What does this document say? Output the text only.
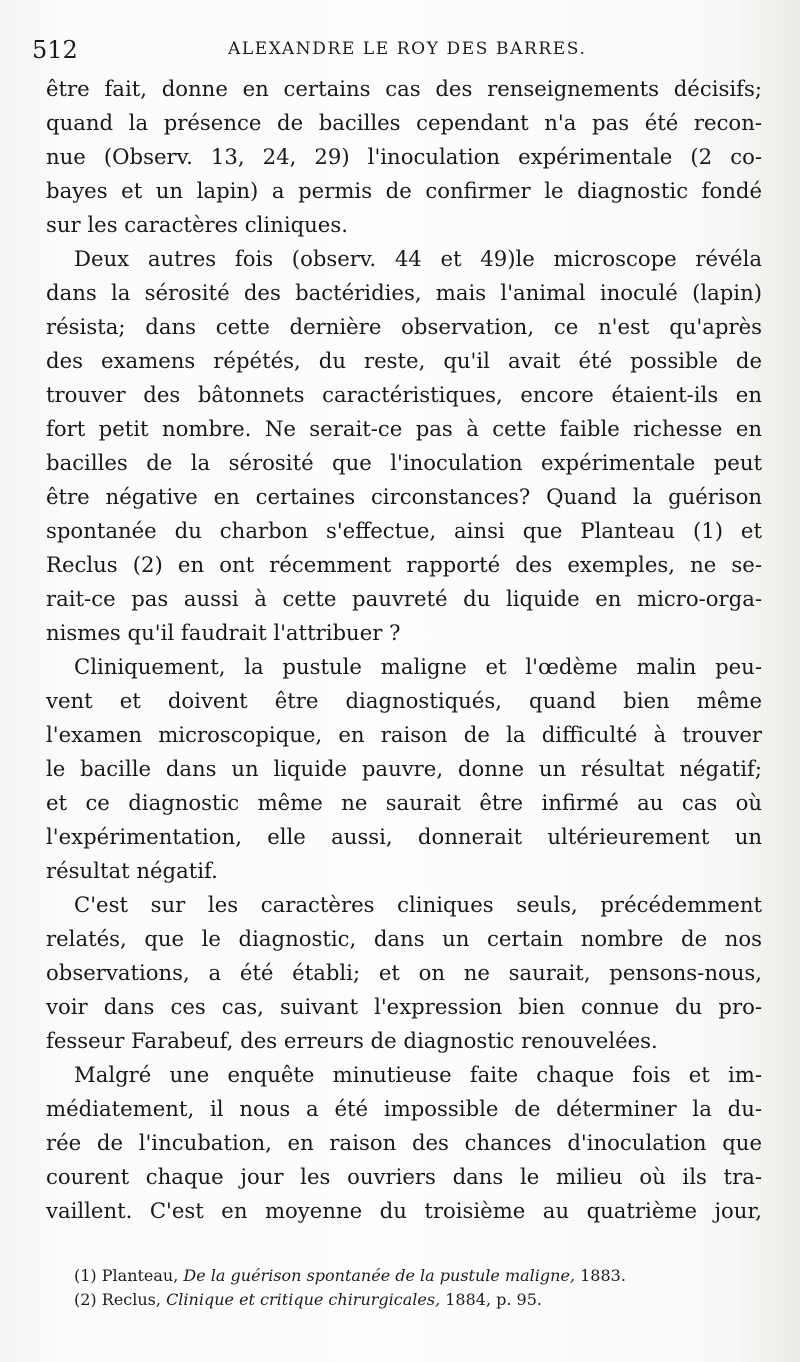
512	ALEXANDRE LE ROY DES BARRES.
être fait, donne en certains cas des renseignements décisifs;
quand la présence de bacilles cependant n'a pas été recon-
nue (Observ. 13, 24, 29) l'inoculation expérimentale (2 co-
bayes et un lapin) a permis de confirmer le diagnostic fondé
sur les caractères cliniques.
Deux autres fois (observ. 44 et 49)le microscope révéla
dans la sérosité des bactéridies, mais l'animal inoculé (lapin)
résista; dans cette dernière observation, ce n'est qu'après
des examens répétés, du reste, qu'il avait été possible de
trouver des bâtonnets caractéristiques, encore étaient-ils en
fort petit nombre. Ne serait-ce pas à cette faible richesse en
bacilles de la sérosité que l'inoculation expérimentale peut
être négative en certaines circonstances? Quand la guérison
spontanée du charbon s'effectue, ainsi que Planteau (1) et
Reclus (2) en ont récemment rapporté des exemples, ne se-
rait-ce pas aussi à cette pauvreté du liquide en micro-orga-
nismes qu'il faudrait l'attribuer ?
Cliniquement, la pustule maligne et l'œdème malin peu-
vent et doivent être diagnostiqués, quand bien même
l'examen microscopique, en raison de la difficulté à trouver
le bacille dans un liquide pauvre, donne un résultat négatif;
et ce diagnostic même ne saurait être infirmé au cas où
l'expérimentation, elle aussi, donnerait ultérieurement un
résultat négatif.
C'est sur les caractères cliniques seuls, précédemment
relatés, que le diagnostic, dans un certain nombre de nos
observations, a été établi; et on ne saurait, pensons-nous,
voir dans ces cas, suivant l'expression bien connue du pro-
fesseur Farabeuf, des erreurs de diagnostic renouvelées.
Malgré une enquête minutieuse faite chaque fois et im-
médiatement, il nous a été impossible de déterminer la du-
rée de l'incubation, en raison des chances d'inoculation que
courent chaque jour les ouvriers dans le milieu où ils tra-
vaillent. C'est en moyenne du troisième au quatrième jour,
(1) Planteau, De la guérison spontanée de la pustule maligne, 1883.
(2) Reclus, Clinique et critique chirurgicales, 1884, p. 95.
